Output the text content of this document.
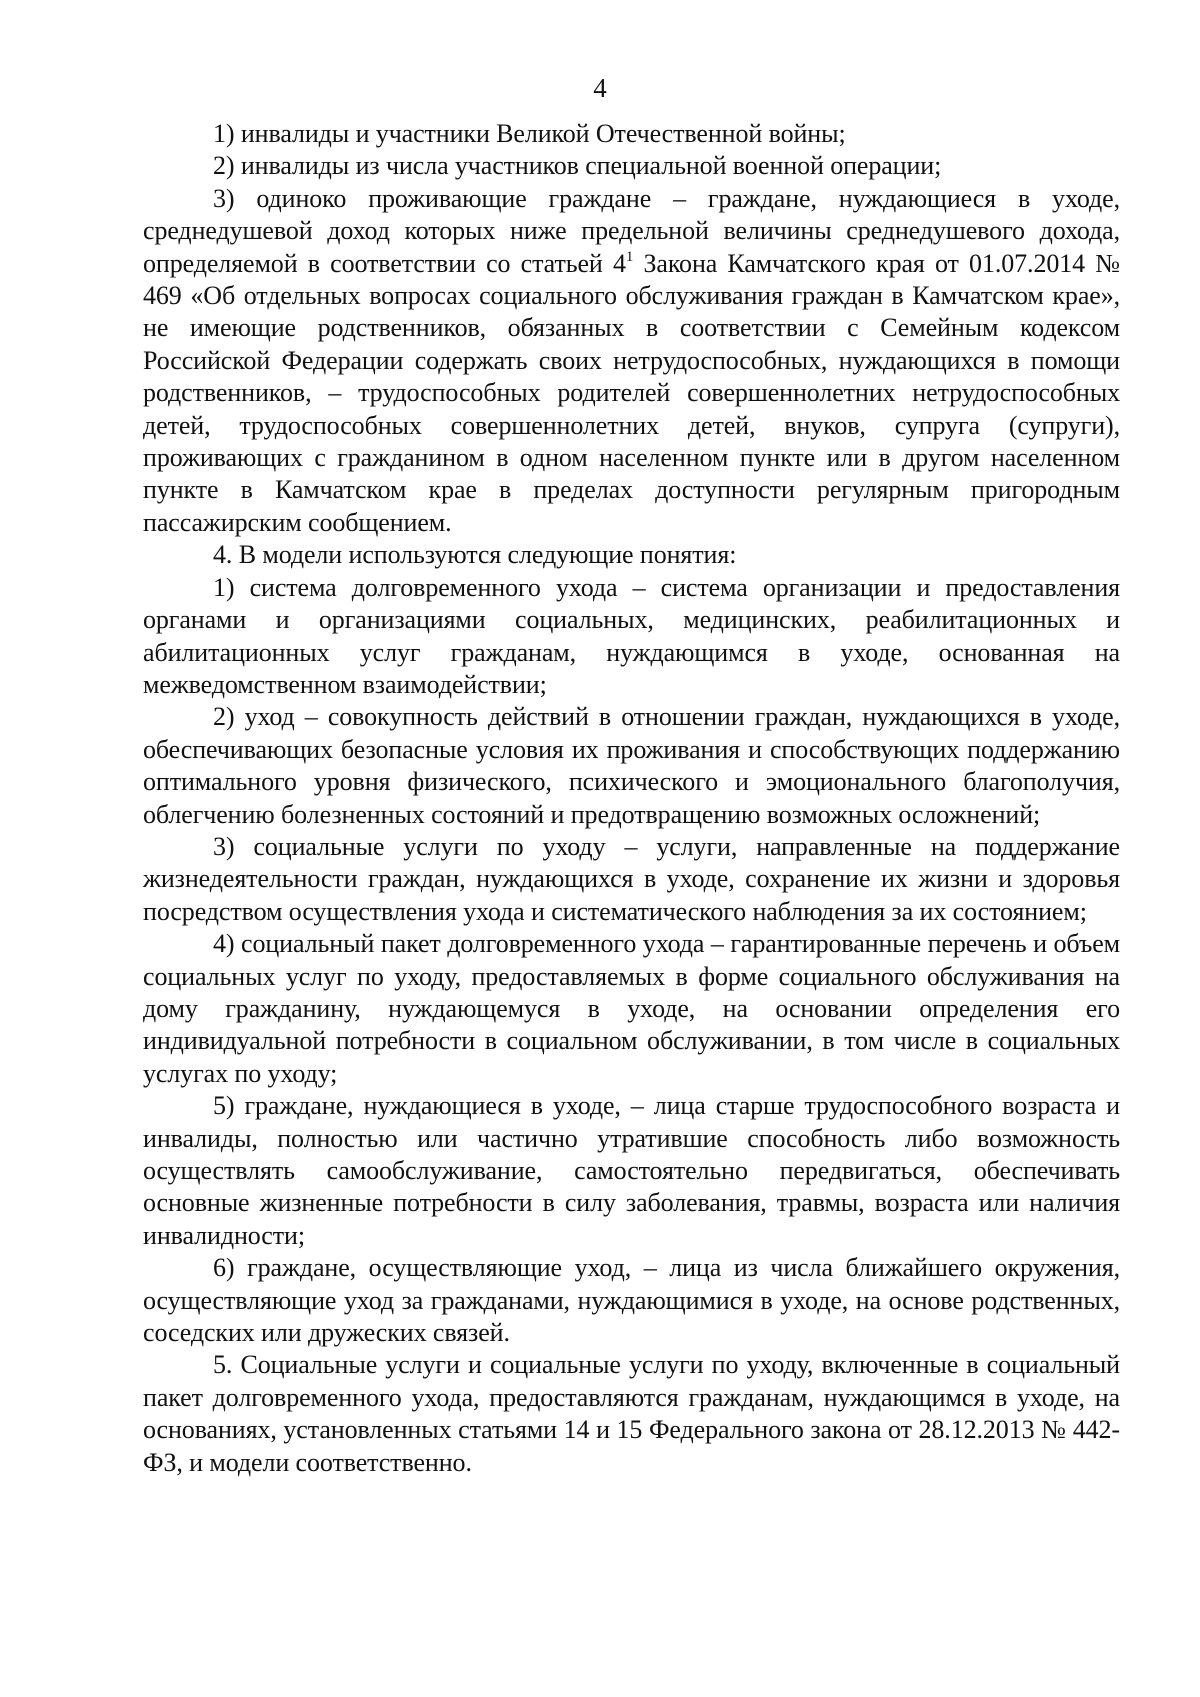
4

1) инвалиды и участники Великой Отечественной войны;

2) инвалиды из числа участников специальной военной операции;

3) одиноко проживающие граждане – граждане, нуждающиеся в уходе, среднедушевой доход которых ниже предельной величины среднедушевого дохода, определяемой в соответствии со статьей $4^1$ Закона Камчатского края от 01.07.2014 № 469 «Об отдельных вопросах социального обслуживания граждан в Камчатском крае», не имеющие родственников, обязанных в соответствии с Семейным кодексом Российской Федерации содержать своих нетрудоспособных, нуждающихся в помощи родственников, – трудоспособных родителей совершеннолетних нетрудоспособных детей, трудоспособных совершеннолетних детей, внуков, супруга (супруги), проживающих с гражданином в одном населенном пункте или в другом населенном пункте в Камчатском крае в пределах доступности регулярным пригородным пассажирским сообщением.

4. В модели используются следующие понятия:

1) система долговременного ухода – система организации и предоставления органами и организациями социальных, медицинских, реабилитационных и абилитационных услуг гражданам, нуждающимся в уходе, основанная на межведомственном взаимодействии;

2) уход – совокупность действий в отношении граждан, нуждающихся в уходе, обеспечивающих безопасные условия их проживания и способствующих поддержанию оптимального уровня физического, психического и эмоционального благополучия, облегчению болезненных состояний и предотвращению возможных осложнений;

3) социальные услуги по уходу – услуги, направленные на поддержание жизнедеятельности граждан, нуждающихся в уходе, сохранение их жизни и здоровья посредством осуществления ухода и систематического наблюдения за их состоянием;

4) социальный пакет долговременного ухода – гарантированные перечень и объем социальных услуг по уходу, предоставляемых в форме социального обслуживания на дому гражданину, нуждающемуся в уходе, на основании определения его индивидуальной потребности в социальном обслуживании, в том числе в социальных услугах по уходу;

5) граждане, нуждающиеся в уходе, – лица старше трудоспособного возраста и инвалиды, полностью или частично утратившие способность либо возможность осуществлять самообслуживание, самостоятельно передвигаться, обеспечивать основные жизненные потребности в силу заболевания, травмы, возраста или наличия инвалидности;

6) граждане, осуществляющие уход, – лица из числа ближайшего окружения, осуществляющие уход за гражданами, нуждающимися в уходе, на основе родственных, соседских или дружеских связей.

5. Социальные услуги и социальные услуги по уходу, включенные в социальный пакет долговременного ухода, предоставляются гражданам, нуждающимся в уходе, на основаниях, установленных статьями 14 и 15 Федерального закона от 28.12.2013 № 442-ФЗ, и модели соответственно.
